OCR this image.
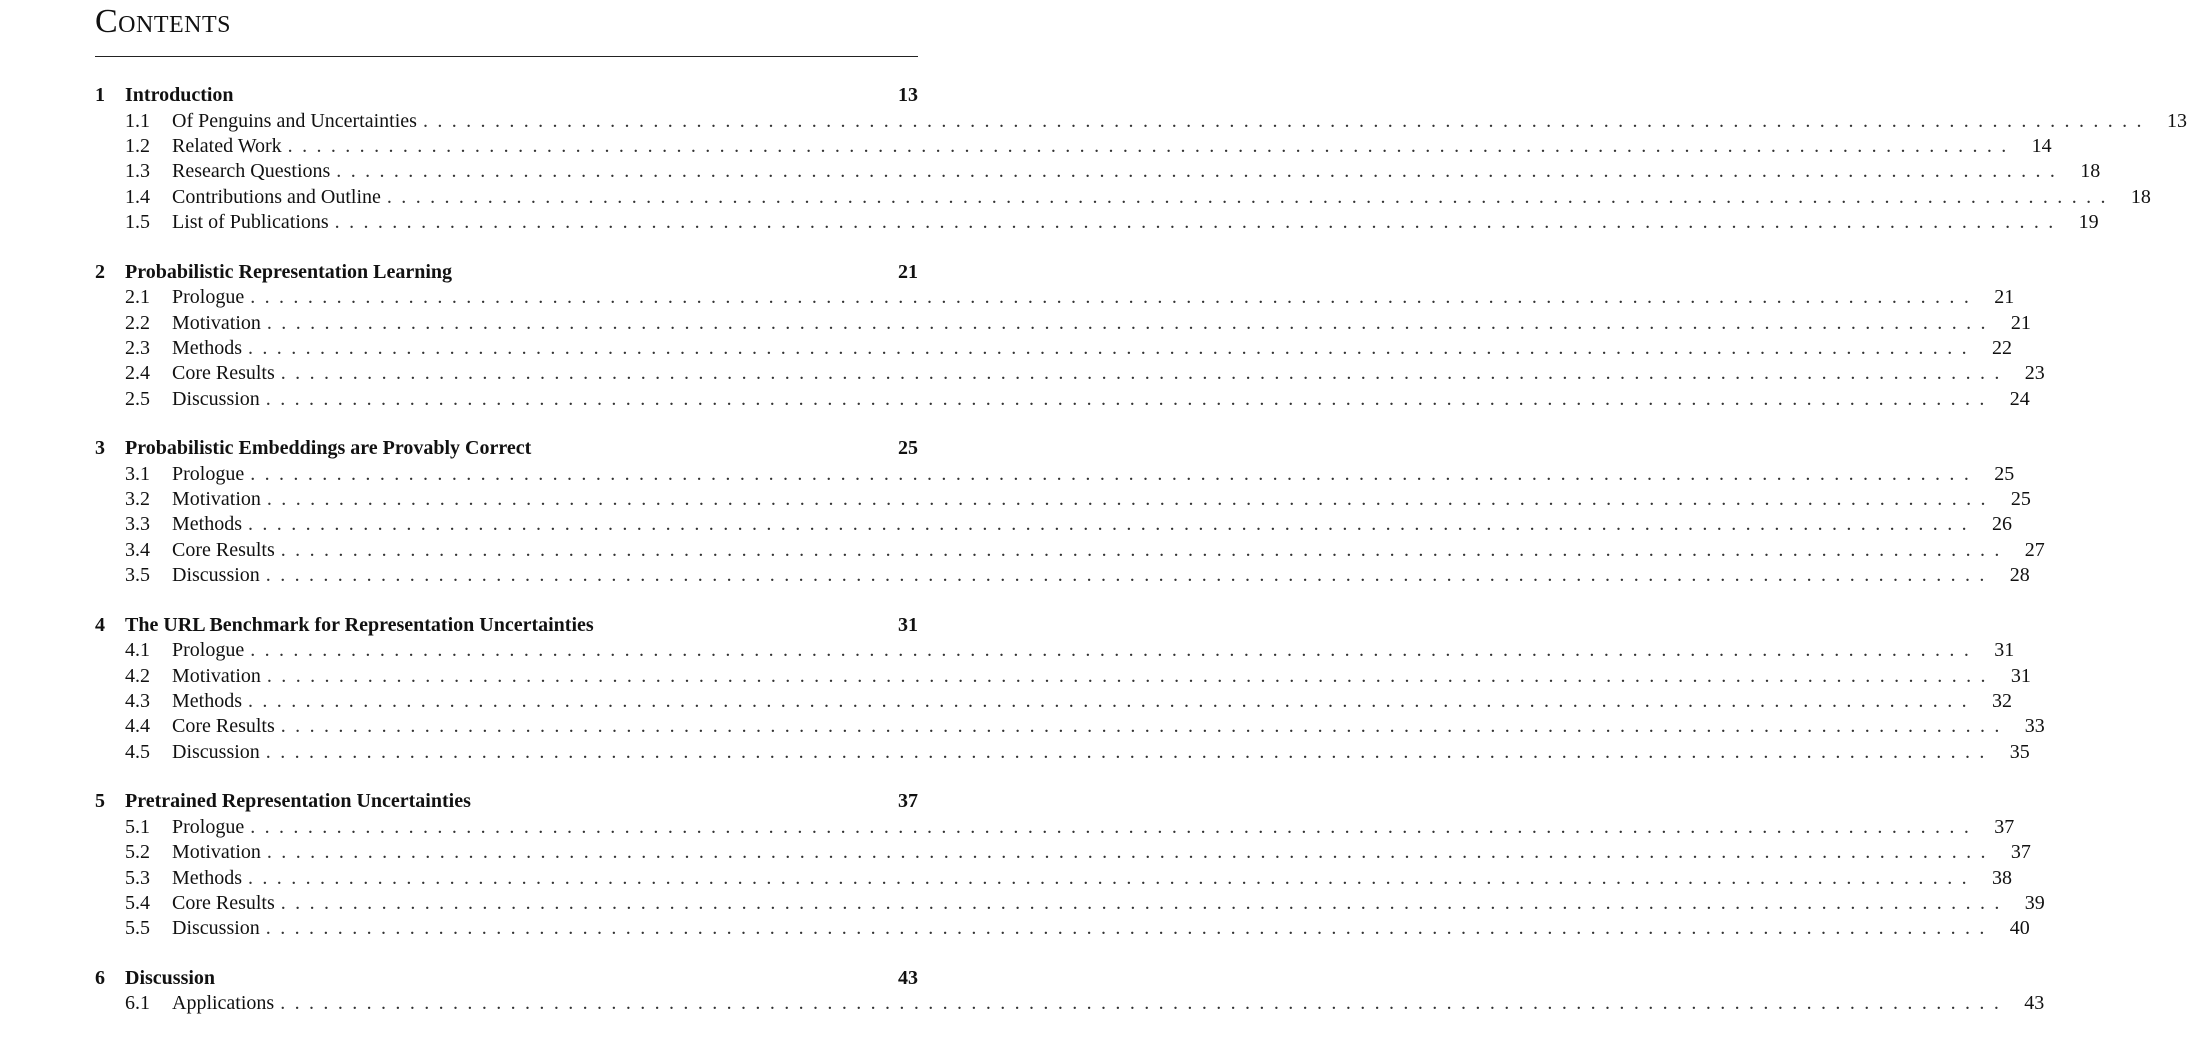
Contents
1	Introduction	13
1.1	Of Penguins and Uncertainties ........................................................................................................................ 13
1.2	Related Work ........................................................................................................................ 14
1.3	Research Questions ........................................................................................................................ 18
1.4	Contributions and Outline ........................................................................................................................ 18
1.5	List of Publications ........................................................................................................................ 19
2	Probabilistic Representation Learning	21
2.1	Prologue ........................................................................................................................ 21
2.2	Motivation ........................................................................................................................ 21
2.3	Methods ........................................................................................................................ 22
2.4	Core Results ........................................................................................................................ 23
2.5	Discussion ........................................................................................................................ 24
3	Probabilistic Embeddings are Provably Correct	25
3.1	Prologue ........................................................................................................................ 25
3.2	Motivation ........................................................................................................................ 25
3.3	Methods ........................................................................................................................ 26
3.4	Core Results ........................................................................................................................ 27
3.5	Discussion ........................................................................................................................ 28
4	The URL Benchmark for Representation Uncertainties	31
4.1	Prologue ........................................................................................................................ 31
4.2	Motivation ........................................................................................................................ 31
4.3	Methods ........................................................................................................................ 32
4.4	Core Results ........................................................................................................................ 33
4.5	Discussion ........................................................................................................................ 35
5	Pretrained Representation Uncertainties	37
5.1	Prologue ........................................................................................................................ 37
5.2	Motivation ........................................................................................................................ 37
5.3	Methods ........................................................................................................................ 38
5.4	Core Results ........................................................................................................................ 39
5.5	Discussion ........................................................................................................................ 40
6	Discussion	43
6.1	Applications ........................................................................................................................ 43
